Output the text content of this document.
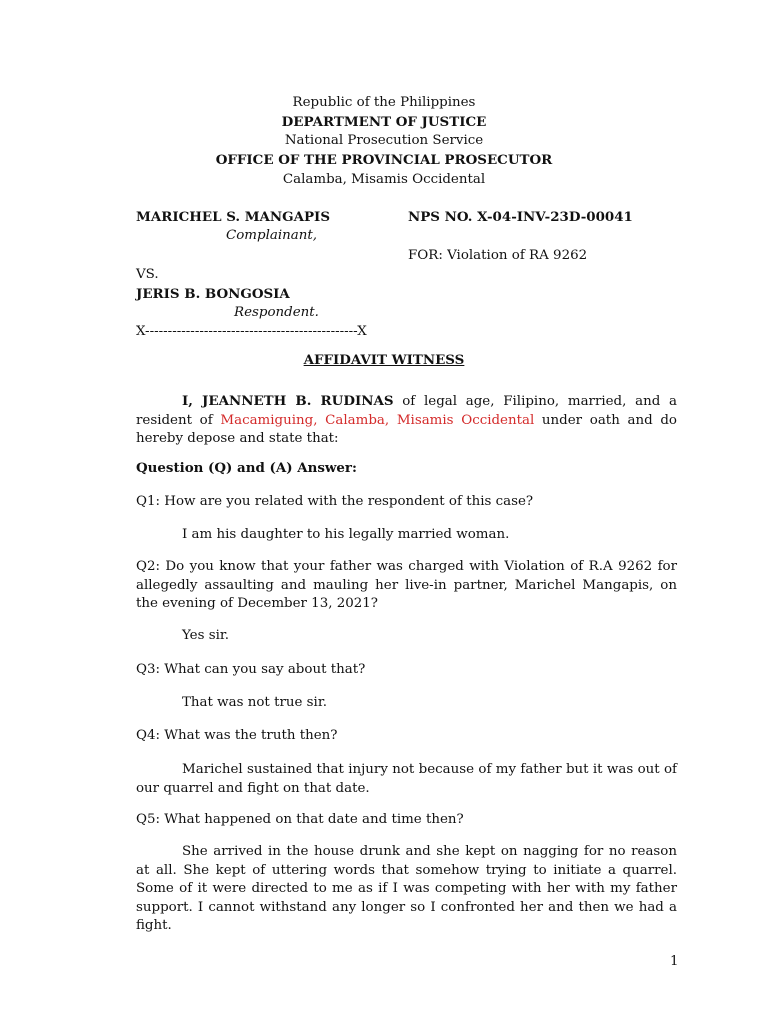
Republic of the Philippines
DEPARTMENT OF JUSTICE
National Prosecution Service
OFFICE OF THE PROVINCIAL PROSECUTOR
Calamba, Misamis Occidental
MARICHEL S. MANGAPIS	NPS NO. X-04-INV-23D-00041
Complainant,
FOR: Violation of RA 9262
VS.
JERIS B. BONGOSIA
Respondent.
X-----------------------------------------------X
AFFIDAVIT WITNESS
I, JEANNETH B. RUDINAS of legal age, Filipino, married, and a resident of Macamiguing, Calamba, Misamis Occidental under oath and do hereby depose and state that:
Question (Q) and (A) Answer:
Q1: How are you related with the respondent of this case?
I am his daughter to his legally married woman.
Q2: Do you know that your father was charged with Violation of R.A 9262 for allegedly assaulting and mauling her live-in partner, Marichel Mangapis, on the evening of December 13, 2021?
Yes sir.
Q3: What can you say about that?
That was not true sir.
Q4: What was the truth then?
Marichel sustained that injury not because of my father but it was out of our quarrel and fight on that date.
Q5: What happened on that date and time then?
She arrived in the house drunk and she kept on nagging for no reason at all. She kept of uttering words that somehow trying to initiate a quarrel. Some of it were directed to me as if I was competing with her with my father support. I cannot withstand any longer so I confronted her and then we had a fight.
1
